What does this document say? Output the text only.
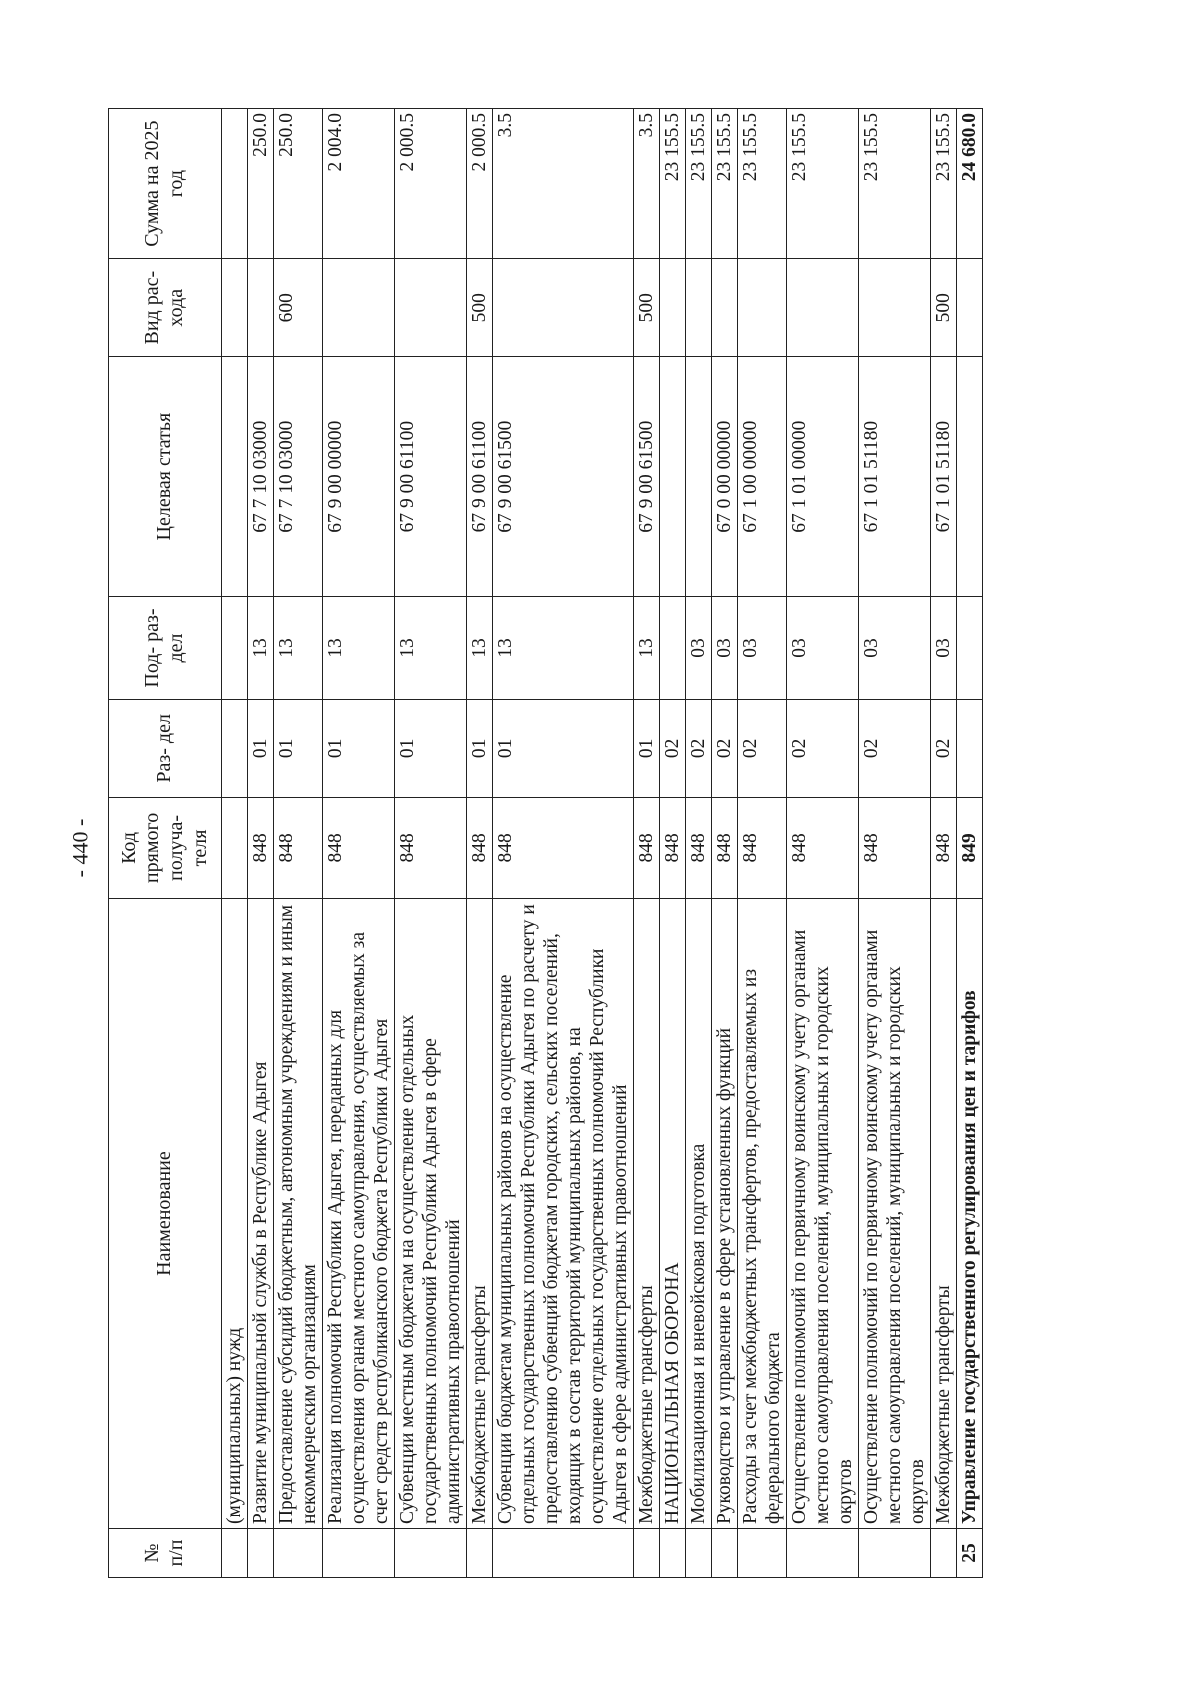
- 440 -
№ п/п	Наименование	Код прямого получа- теля	Раз- дел	Под- раз- дел	Целевая статья	Вид рас- хода	Сумма на 2025 год
	(муниципальных) нужд						
	Развитие муниципальной службы в Республике Адыгея	848	01	13	67 7 10 03000		250.0
	Предоставление субсидий бюджетным, автономным учреждениям и иным некоммерческим организациям	848	01	13	67 7 10 03000	600	250.0
	Реализация полномочий Республики Адыгея, переданных для осуществления органам местного самоуправления, осуществляемых за счет средств республиканского бюджета Республики Адыгея	848	01	13	67 9 00 00000		2 004.0
	Субвенции местным бюджетам на осуществление отдельных государственных полномочий Республики Адыгея в сфере административных правоотношений	848	01	13	67 9 00 61100		2 000.5
	Межбюджетные трансферты	848	01	13	67 9 00 61100	500	2 000.5
	Субвенции бюджетам муниципальных районов на осуществление отдельных государственных полномочий Республики Адыгея по расчету и предоставлению субвенций бюджетам городских, сельских поселений, входящих в состав территорий муниципальных районов, на осуществление отдельных государственных полномочий Республики Адыгея в сфере административных правоотношений	848	01	13	67 9 00 61500		3.5
	Межбюджетные трансферты	848	01	13	67 9 00 61500	500	3.5
	НАЦИОНАЛЬНАЯ ОБОРОНА	848	02				23 155.5
	Мобилизационная и вневойсковая подготовка	848	02	03			23 155.5
	Руководство и управление в сфере установленных функций	848	02	03	67 0 00 00000		23 155.5
	Расходы за счет межбюджетных трансфертов, предоставляемых из федерального бюджета	848	02	03	67 1 00 00000		23 155.5
	Осуществление полномочий по первичному воинскому учету органами местного самоуправления поселений, муниципальных и городских округов	848	02	03	67 1 01 00000		23 155.5
	Осуществление полномочий по первичному воинскому учету органами местного самоуправления поселений, муниципальных и городских округов	848	02	03	67 1 01 51180		23 155.5
	Межбюджетные трансферты	848	02	03	67 1 01 51180	500	23 155.5
25	Управление государственного регулирования цен и тарифов	849					24 680.0
